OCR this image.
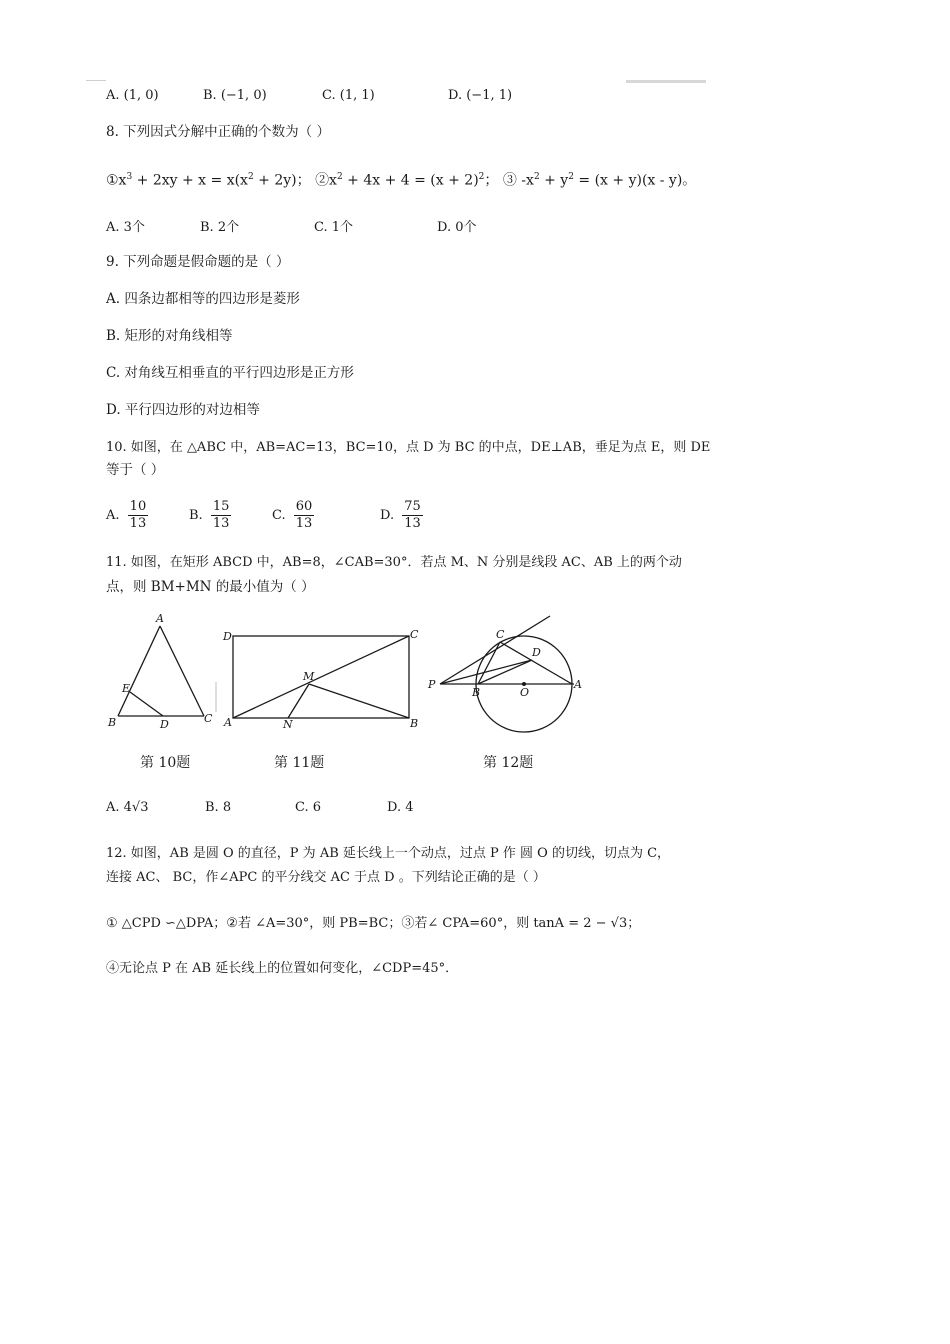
A. (1, 0)	B. (−1, 0)	C. (1, 1)	D. (−1, 1)
8. 下列因式分解中正确的个数为（ ）
$①x^3 + 2xy + x = x(x^2 + 2y)$； $②x^2 + 4x + 4 = (x + 2)^2$； ③ $-x^2 + y^2 = (x + y)(x - y)$。
A. 3个	B. 2个	C. 1个	D. 0个
9. 下列命题是假命题的是（ ）
A. 四条边都相等的四边形是菱形
B. 矩形的对角线相等
C. 对角线互相垂直的平行四边形是正方形
D. 平行四边形的对边相等
10. 如图，在 △ABC 中，AB=AC=13，BC=10，点 D 为 BC 的中点，DE⊥AB，垂足为点 E，则 DE
等于（ ）
A. $\frac{10}{13}$	B. $\frac{15}{13}$	C. $\frac{60}{13}$	D. $\frac{75}{13}$
11. 如图，在矩形 ABCD 中，AB=8，∠CAB=30°．若点 M、N 分别是线段 AC、AB 上的两个动
点，则 BM+MN 的最小值为（ ）
A
E
B	D	C
D	C
M
A	N	B
P
B	O
A
C
D
第 10题	第 11题	第 12题
A. 4√3	B. 8	C. 6	D. 4
12. 如图，AB 是圆 O 的直径，P 为 AB 延长线上一个动点，过点 P 作 圆 O 的切线，切点为 C，
连接 AC、 BC，作∠APC 的平分线交 AC 于点 D 。下列结论正确的是（ ）
① △CPD ∽△DPA；②若 ∠A=30°，则 PB=BC；③若∠ CPA=60°，则 tanA = 2 − √3；
④无论点 P 在 AB 延长线上的位置如何变化，∠CDP=45°．
